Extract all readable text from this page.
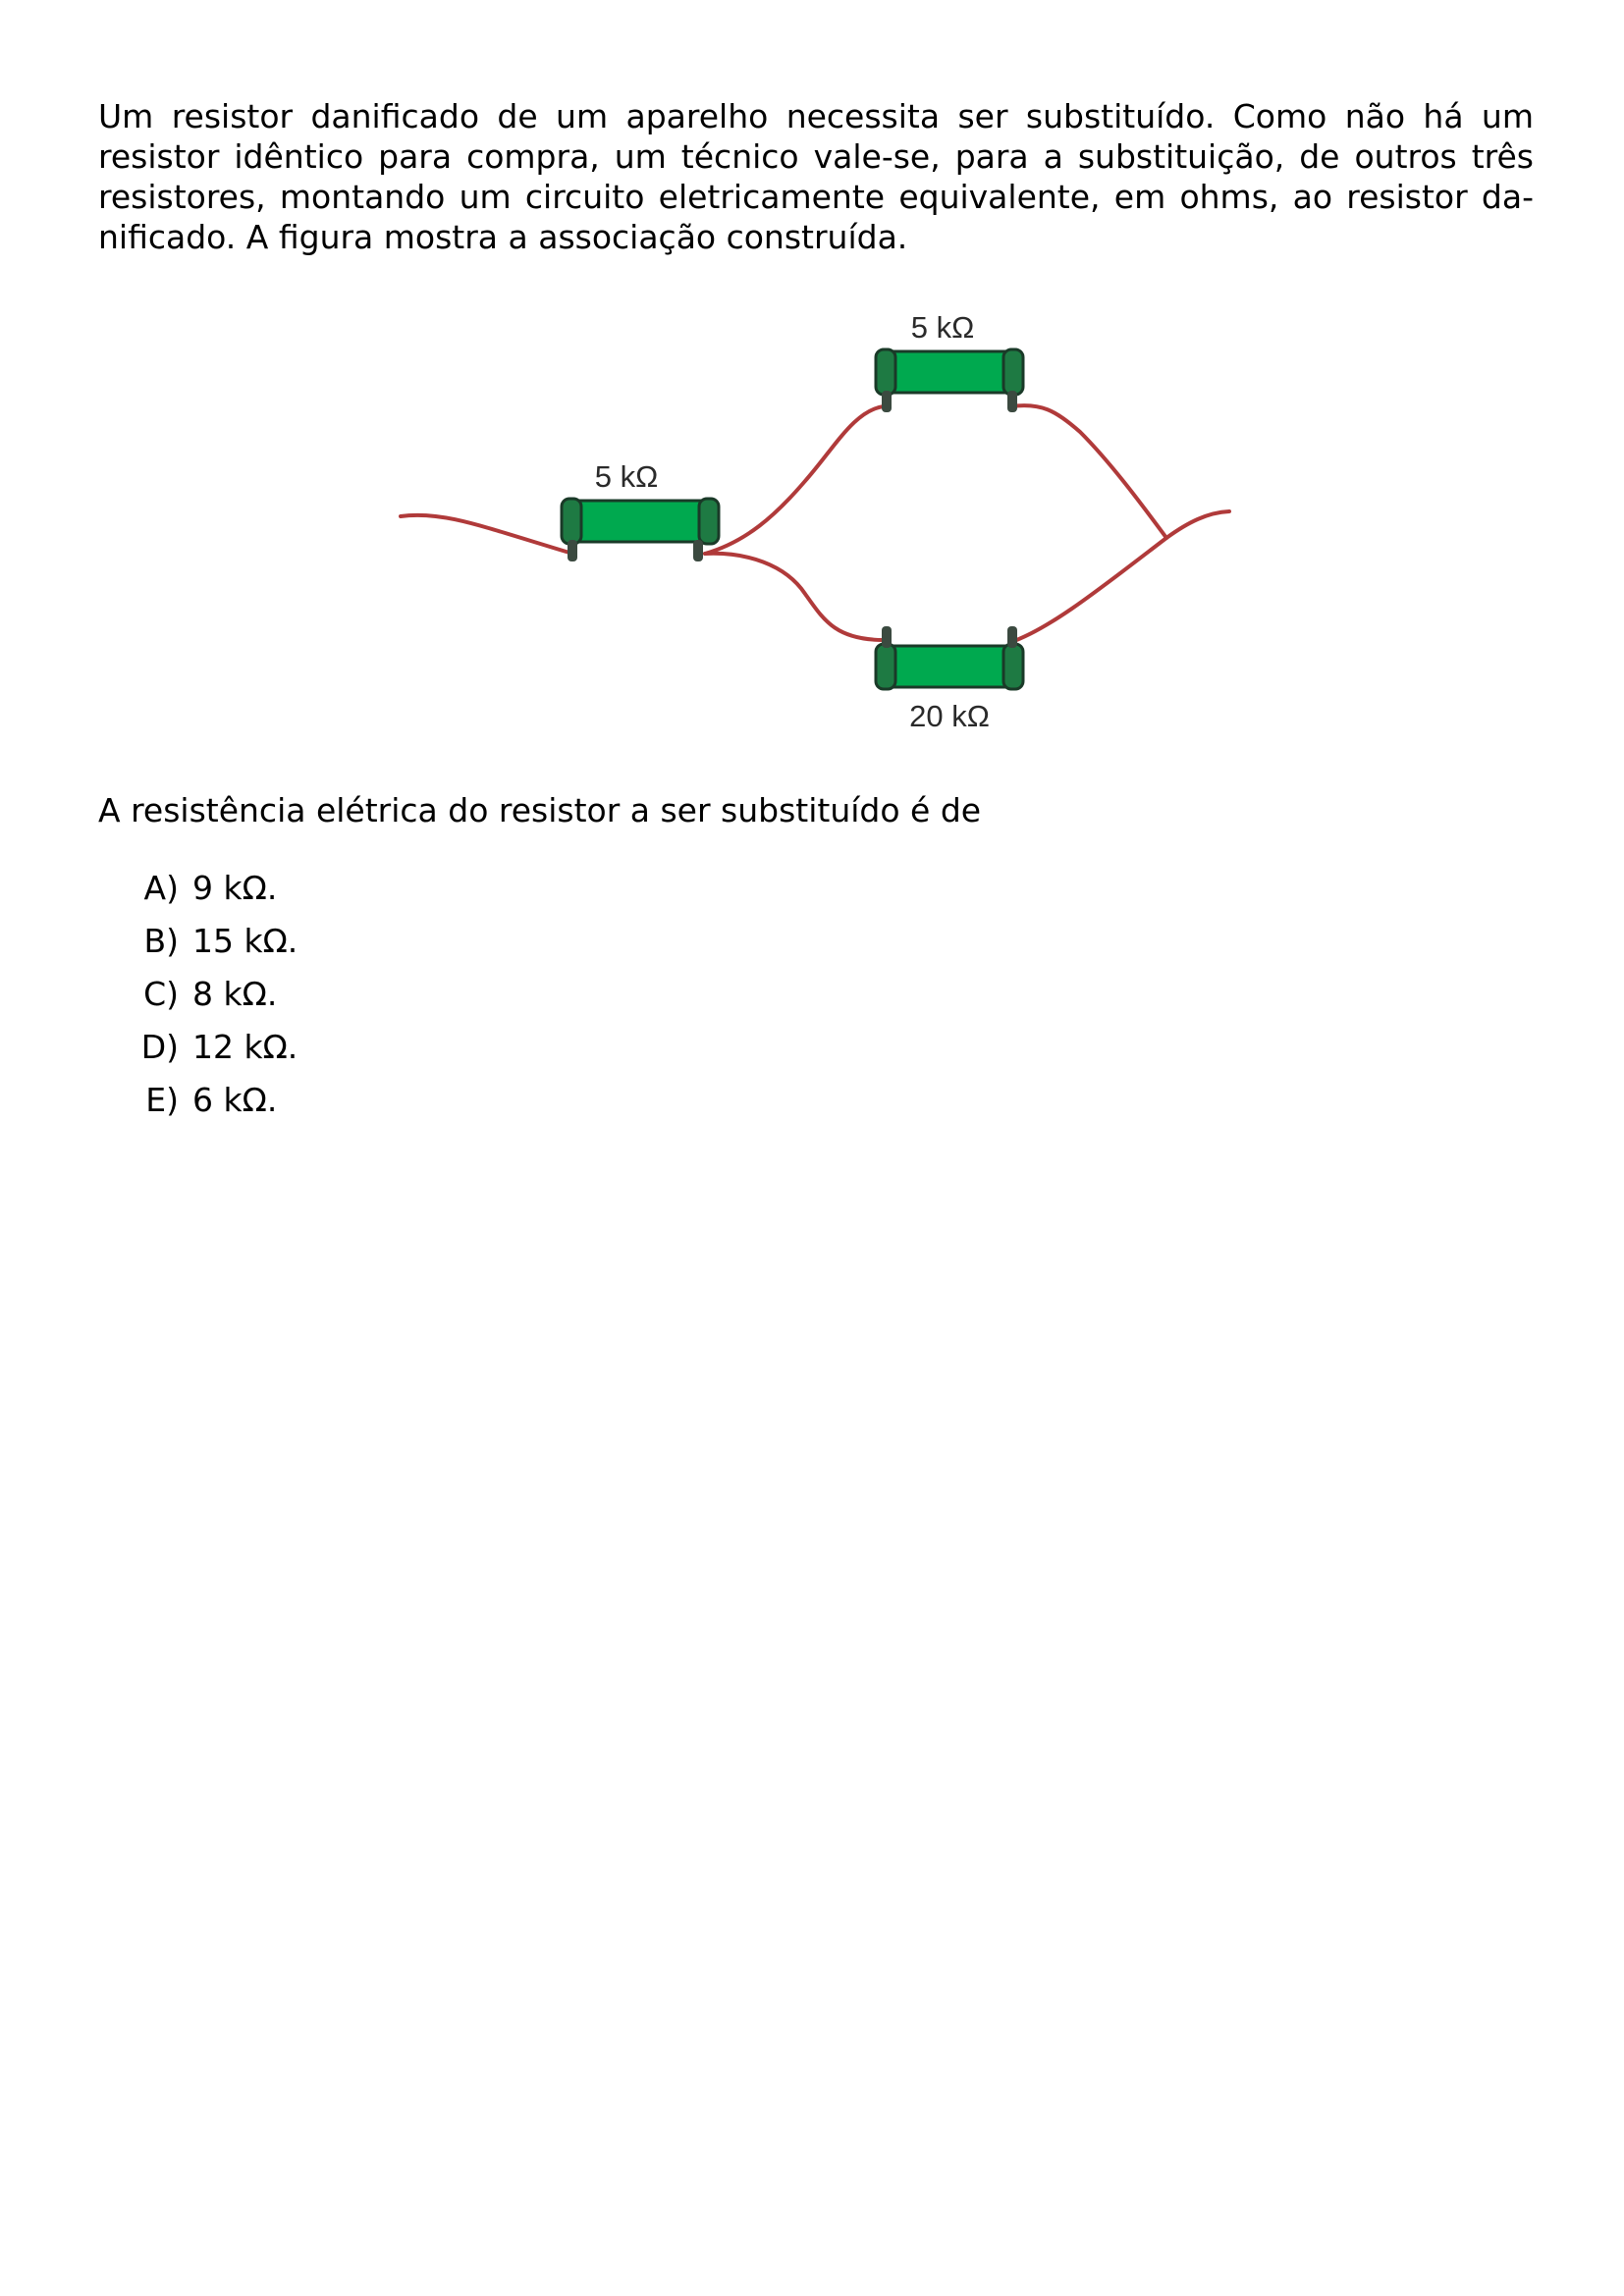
Um resistor danificado de um aparelho necessita ser substituído. Como não há um
resistor idêntico para compra, um técnico vale-se, para a substituição, de outros três
resistores, montando um circuito eletricamente equivalente, em ohms, ao resistor da-
nificado. A figura mostra a associação construída.

5 kΩ
5 kΩ
20 kΩ

A resistência elétrica do resistor a ser substituído é de

A) 9 kΩ.
B) 15 kΩ.
C) 8 kΩ.
D) 12 kΩ.
E) 6 kΩ.
